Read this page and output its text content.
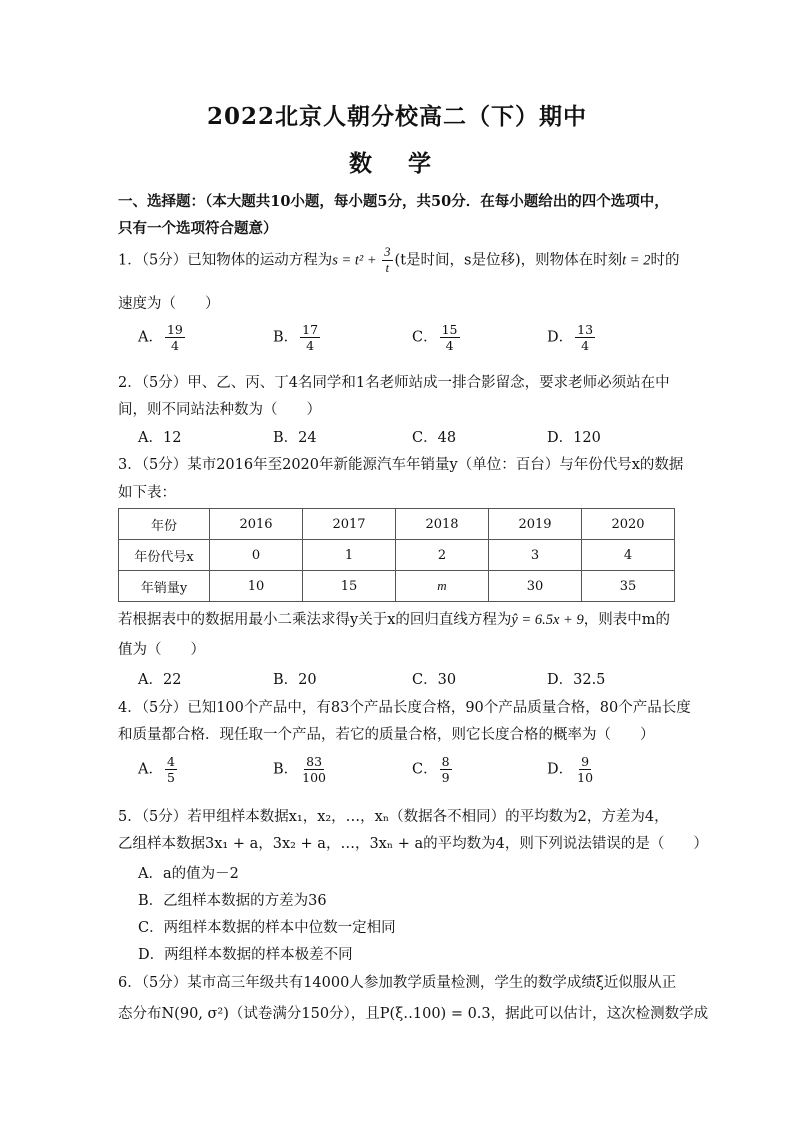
2022北京人朝分校高二（下）期中
数 学
一、选择题：（本大题共10小题，每小题5分，共50分．在每小题给出的四个选项中，
只有一个选项符合题意）
1．（5分）已知物体的运动方程为$s = t^2 + \frac{3}{t} (t$是时间，s是位移)，则物体在时刻t = 2时的
速度为（　　）
A． $\frac{19}{4}$	B． $\frac{17}{4}$	C． $\frac{15}{4}$	D． $\frac{13}{4}$
2．（5分）甲、乙、丙、丁4名同学和1名老师站成一排合影留念，要求老师必须站在中
间，则不同站法种数为（　　）
A．12	B．24	C．48	D．120
3．（5分）某市2016年至2020年新能源汽车年销量y（单位：百台）与年份代号x的数据
如下表：
年份	2016	2017	2018	2019	2020
年份代号x	0	1	2	3	4
年销量y	10	15	m	30	35
若根据表中的数据用最小二乘法求得y关于x的回归直线方程为ŷ = 6.5x + 9，则表中m的
值为（　　）
A．22	B．20	C．30	D．32.5
4．（5分）已知100个产品中，有83个产品长度合格，90个产品质量合格，80个产品长度
和质量都合格．现任取一个产品，若它的质量合格，则它长度合格的概率为（　　）
A． $\frac{4}{5}$	B． $\frac{83}{100}$	C． $\frac{8}{9}$	D． $\frac{9}{10}$
5．（5分）若甲组样本数据x₁，x₂，…，xₙ（数据各不相同）的平均数为2，方差为4，
乙组样本数据3x₁ + a，3x₂ + a，…，3xₙ + a的平均数为4，则下列说法错误的是（　　）
A．a的值为－2
B．乙组样本数据的方差为36
C．两组样本数据的样本中位数一定相同
D．两组样本数据的样本极差不同
6．（5分）某市高三年级共有14000人参加教学质量检测，学生的数学成绩ξ近似服从正
态分布N(90, σ²)（试卷满分150分），且P(ξ‥100) = 0.3，据此可以估计，这次检测数学成
